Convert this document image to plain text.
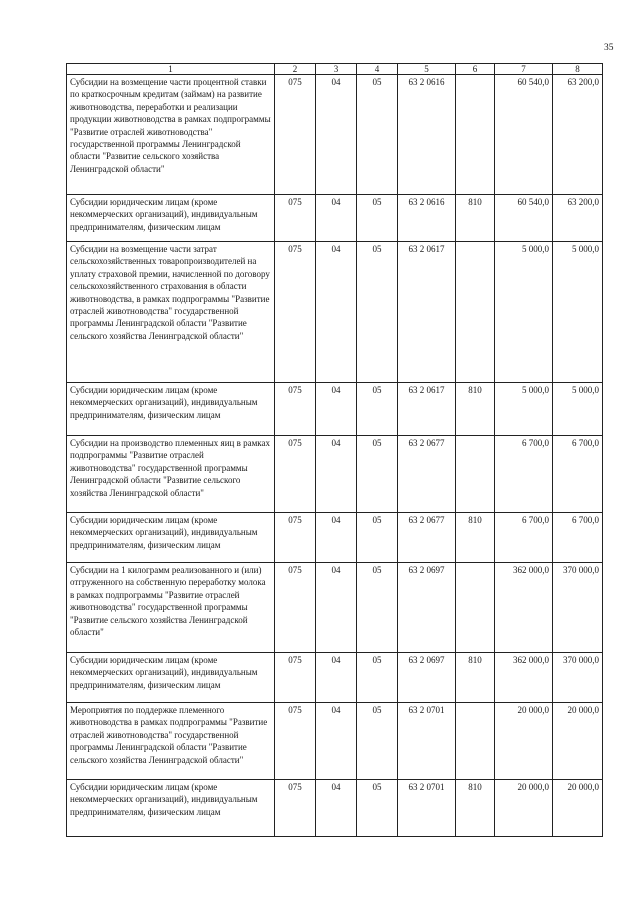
35
1	2	3	4	5	6	7	8
Субсидии на возмещение части процентной ставки по краткосрочным кредитам (займам) на развитие животноводства, переработки и реализации продукции животноводства в рамках подпрограммы "Развитие отраслей животноводства" государственной программы Ленинградской области "Развитие сельского хозяйства Ленинградской области"	075	04	05	63 2 0616		60 540,0	63 200,0
Субсидии юридическим лицам (кроме некоммерческих организаций), индивидуальным предпринимателям, физическим лицам	075	04	05	63 2 0616	810	60 540,0	63 200,0
Субсидии на возмещение части затрат сельскохозяйственных товаропроизводителей на уплату страховой премии, начисленной по договору сельскохозяйственного страхования в области животноводства, в рамках подпрограммы "Развитие отраслей животноводства" государственной программы Ленинградской области "Развитие сельского хозяйства Ленинградской области"	075	04	05	63 2 0617		5 000,0	5 000,0
Субсидии юридическим лицам (кроме некоммерческих организаций), индивидуальным предпринимателям, физическим лицам	075	04	05	63 2 0617	810	5 000,0	5 000,0
Субсидии на производство племенных яиц в рамках подпрограммы "Развитие отраслей животноводства" государственной программы Ленинградской области "Развитие сельского хозяйства Ленинградской области"	075	04	05	63 2 0677		6 700,0	6 700,0
Субсидии юридическим лицам (кроме некоммерческих организаций), индивидуальным предпринимателям, физическим лицам	075	04	05	63 2 0677	810	6 700,0	6 700,0
Субсидии на 1 килограмм реализованного и (или) отгруженного на собственную переработку молока в рамках подпрограммы "Развитие отраслей животноводства" государственной программы "Развитие сельского хозяйства Ленинградской области"	075	04	05	63 2 0697		362 000,0	370 000,0
Субсидии юридическим лицам (кроме некоммерческих организаций), индивидуальным предпринимателям, физическим лицам	075	04	05	63 2 0697	810	362 000,0	370 000,0
Мероприятия по поддержке племенного животноводства в рамках подпрограммы "Развитие отраслей животноводства" государственной программы Ленинградской области "Развитие сельского хозяйства Ленинградской области"	075	04	05	63 2 0701		20 000,0	20 000,0
Субсидии юридическим лицам (кроме некоммерческих организаций), индивидуальным предпринимателям, физическим лицам	075	04	05	63 2 0701	810	20 000,0	20 000,0
